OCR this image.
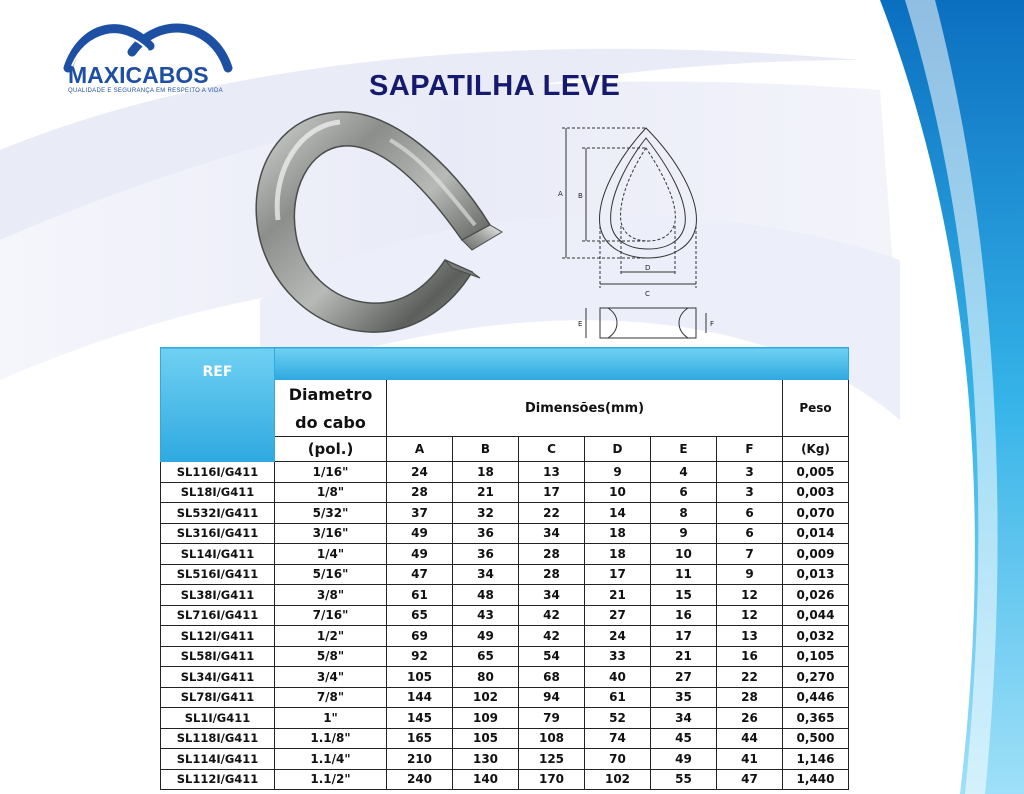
MAXICABOS
QUALIDADE E SEGURANÇA EM RESPEITO A VIDA	SAPATILHA LEVE
A B
C
D
E	F
REF								
	Diametro	Dimensões(mm)						Peso
	do cabo							
	(pol.)	A	B	C	D	E	F	(Kg)
SL116I/G411	1/16"	24	18	13	9	4	3	0,005
SL18I/G411	1/8"	28	21	17	10	6	3	0,003
SL532I/G411	5/32"	37	32	22	14	8	6	0,070
SL316I/G411	3/16"	49	36	34	18	9	6	0,014
SL14I/G411	1/4"	49	36	28	18	10	7	0,009
SL516I/G411	5/16"	47	34	28	17	11	9	0,013
SL38I/G411	3/8"	61	48	34	21	15	12	0,026
SL716I/G411	7/16"	65	43	42	27	16	12	0,044
SL12I/G411	1/2"	69	49	42	24	17	13	0,032
SL58I/G411	5/8"	92	65	54	33	21	16	0,105
SL34I/G411	3/4"	105	80	68	40	27	22	0,270
SL78I/G411	7/8"	144	102	94	61	35	28	0,446
SL1I/G411	1"	145	109	79	52	34	26	0,365
SL118I/G411	1.1/8"	165	105	108	74	45	44	0,500
SL114I/G411	1.1/4"	210	130	125	70	49	41	1,146
SL112I/G411	1.1/2"	240	140	170	102	55	47	1,440
